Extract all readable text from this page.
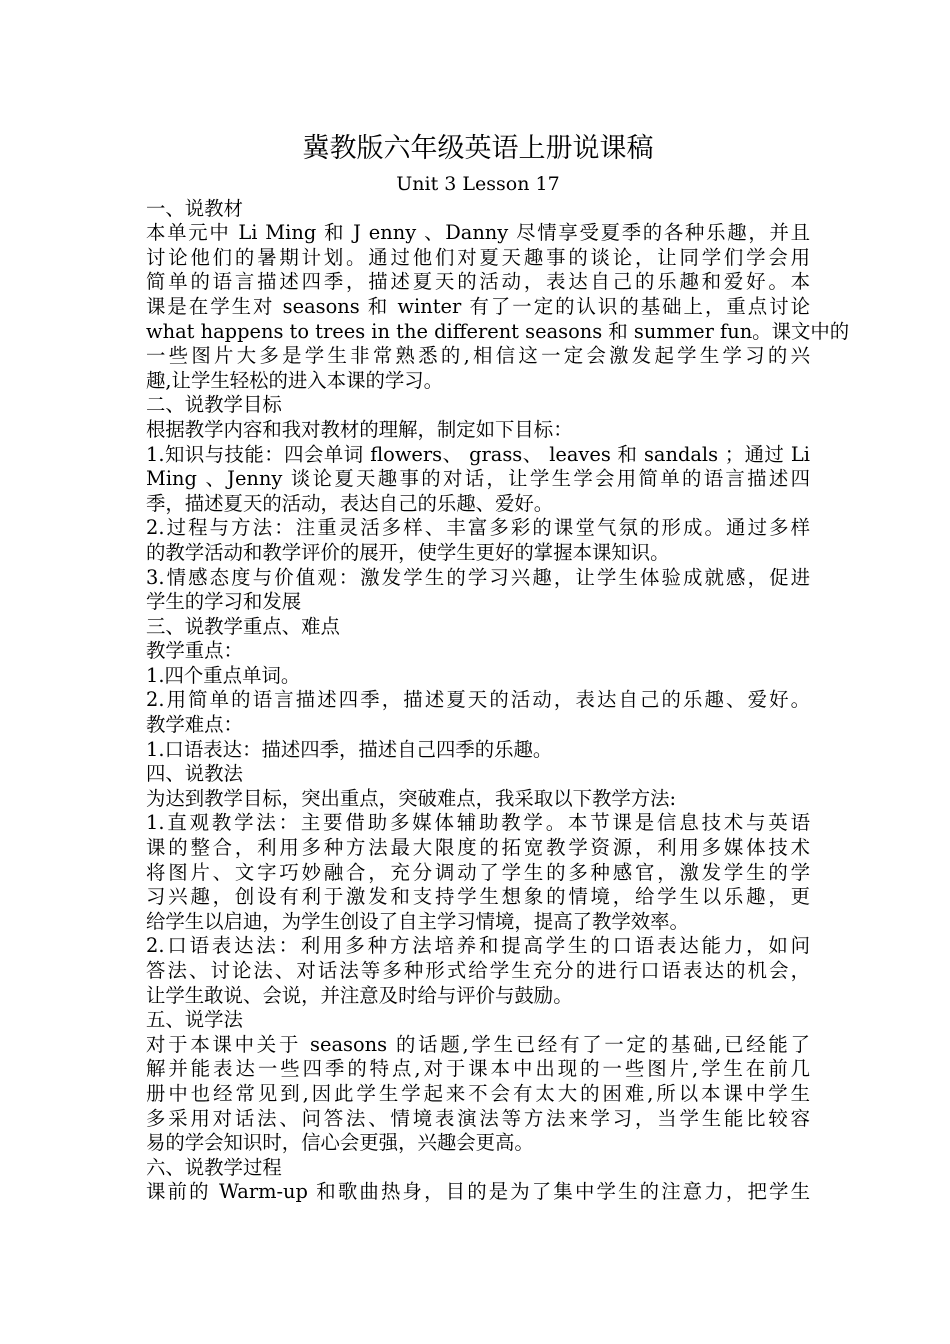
冀教版六年级英语上册说课稿
Unit 3 Lesson 17
一、说教材
本单元中 Li Ming 和 J enny 、Danny 尽情享受夏季的各种乐趣，并且
讨论他们的暑期计划。通过他们对夏天趣事的谈论，让同学们学会用
简单的语言描述四季，描述夏天的活动，表达自己的乐趣和爱好。本
课是在学生对 seasons 和 winter 有了一定的认识的基础上，重点讨论
what happens to trees in the different seasons 和 summer fun。课文中的
一些图片大多是学生非常熟悉的,相信这一定会激发起学生学习的兴
趣,让学生轻松的进入本课的学习。
二、说教学目标
根据教学内容和我对教材的理解，制定如下目标：
1.知识与技能：四会单词 flowers、 grass、 leaves 和 sandals ；通过 Li
Ming 、Jenny 谈论夏天趣事的对话，让学生学会用简单的语言描述四
季，描述夏天的活动，表达自己的乐趣、爱好。
2.过程与方法：注重灵活多样、丰富多彩的课堂气氛的形成。通过多样
的教学活动和教学评价的展开，使学生更好的掌握本课知识。
3.情感态度与价值观：激发学生的学习兴趣，让学生体验成就感，促进
学生的学习和发展
三、说教学重点、难点
教学重点：
1.四个重点单词。
2.用简单的语言描述四季，描述夏天的活动，表达自己的乐趣、爱好。
教学难点：
1.口语表达：描述四季，描述自己四季的乐趣。
四、说教法
为达到教学目标，突出重点，突破难点，我采取以下教学方法:
1.直观教学法：主要借助多媒体辅助教学。本节课是信息技术与英语
课的整合，利用多种方法最大限度的拓宽教学资源，利用多媒体技术
将图片、文字巧妙融合，充分调动了学生的多种感官，激发学生的学
习兴趣，创设有利于激发和支持学生想象的情境，给学生以乐趣，更
给学生以启迪，为学生创设了自主学习情境，提高了教学效率。
2.口语表达法：利用多种方法培养和提高学生的口语表达能力，如问
答法、讨论法、对话法等多种形式给学生充分的进行口语表达的机会，
让学生敢说、会说，并注意及时给与评价与鼓励。
五、说学法
对于本课中关于 seasons 的话题,学生已经有了一定的基础,已经能了
解并能表达一些四季的特点,对于课本中出现的一些图片,学生在前几
册中也经常见到,因此学生学起来不会有太大的困难,所以本课中学生
多采用对话法、问答法、情境表演法等方法来学习，当学生能比较容
易的学会知识时，信心会更强，兴趣会更高。
六、说教学过程
课前的 Warm-up 和歌曲热身，目的是为了集中学生的注意力，把学生
